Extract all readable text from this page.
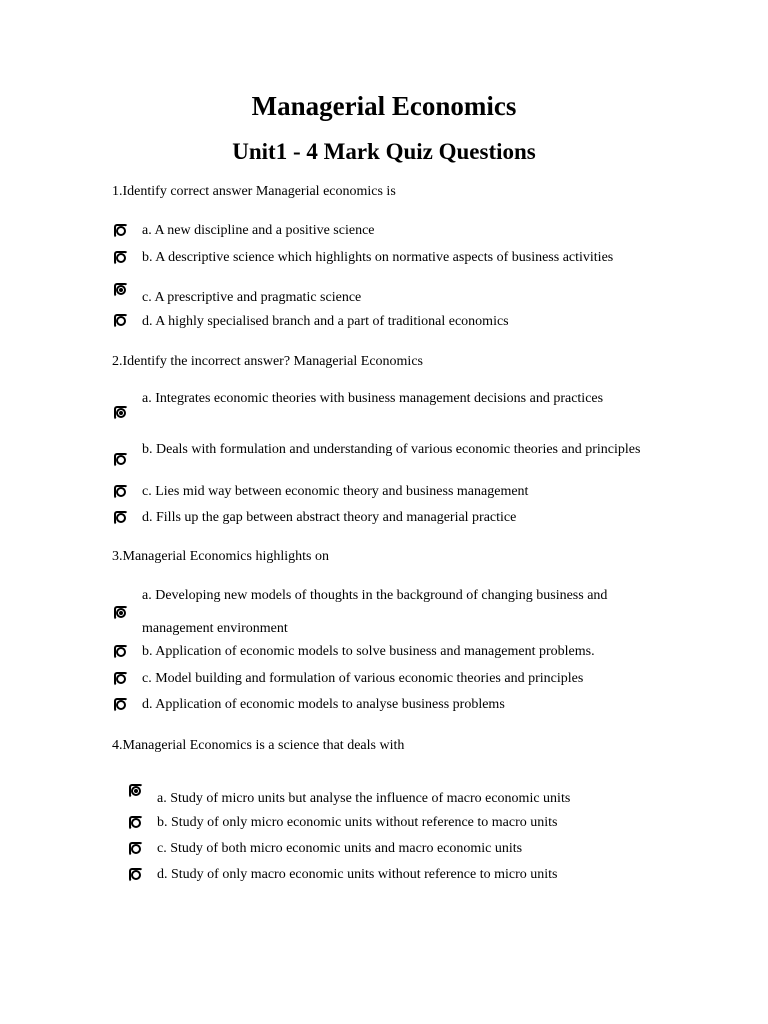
Managerial Economics
Unit1 - 4 Mark Quiz Questions
1.Identify correct answer Managerial economics is
a. A new discipline and a positive science
b. A descriptive science which highlights on normative aspects of business activities
c. A prescriptive and pragmatic science
d. A highly specialised branch and a part of traditional economics
2.Identify the incorrect answer? Managerial Economics
a. Integrates economic theories with business management decisions and practices
b. Deals with formulation and understanding of various economic theories and principles
c. Lies mid way between economic theory and business management
d. Fills up the gap between abstract theory and managerial practice
3.Managerial Economics highlights on
a. Developing new models of thoughts in the background of changing business and
management environment
b. Application of economic models to solve business and management problems.
c. Model building and formulation of various economic theories and principles
d. Application of economic models to analyse business problems
4.Managerial Economics is a science that deals with
a. Study of micro units but analyse the influence of macro economic units
b. Study of only micro economic units without reference to macro units
c. Study of both micro economic units and macro economic units
d. Study of only macro economic units without reference to micro units
